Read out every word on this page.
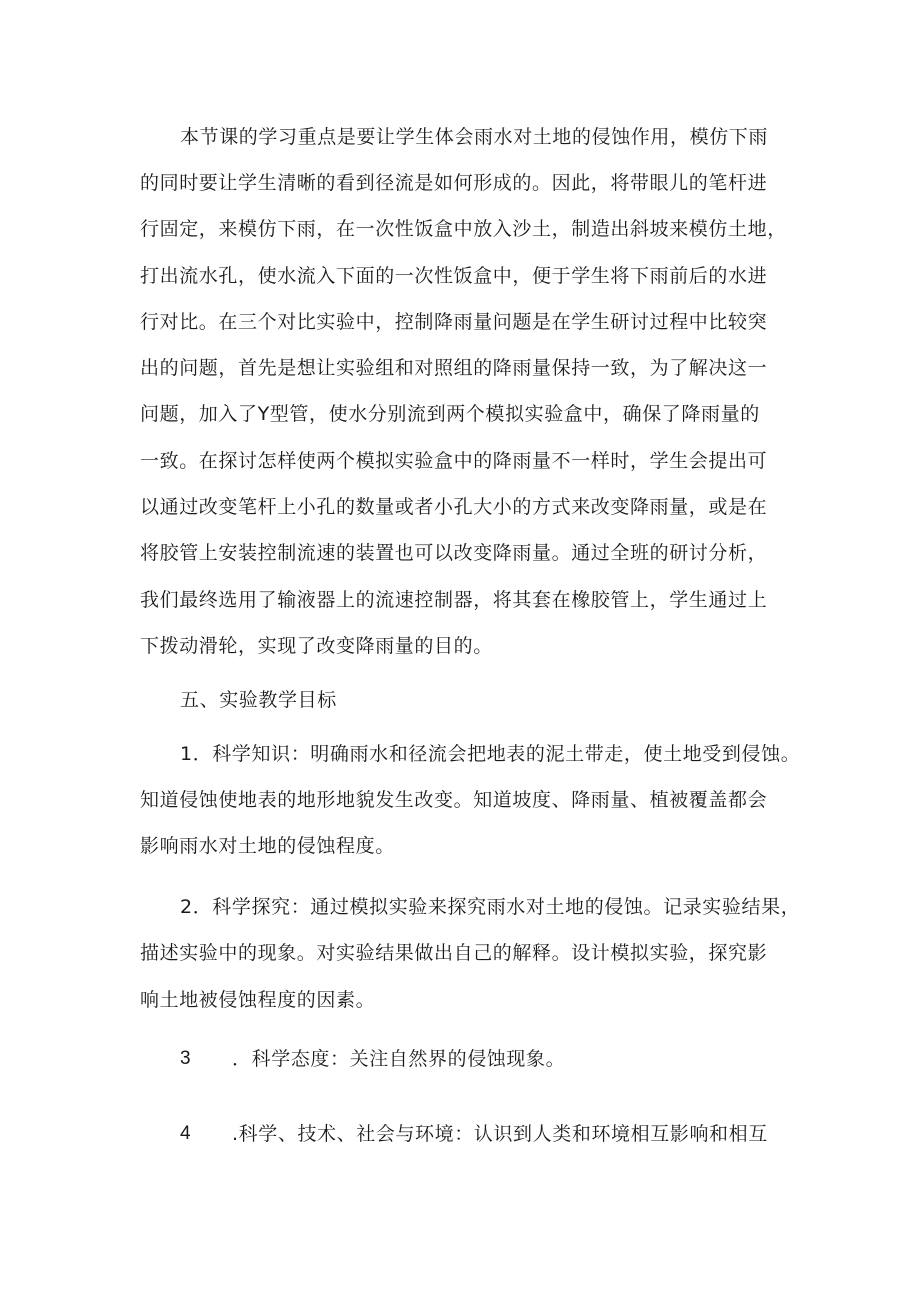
本节课的学习重点是要让学生体会雨水对土地的侵蚀作用，模仿下雨
的同时要让学生清晰的看到径流是如何形成的。因此，将带眼儿的笔杆进
行固定，来模仿下雨，在一次性饭盒中放入沙土，制造出斜坡来模仿土地，
打出流水孔，使水流入下面的一次性饭盒中，便于学生将下雨前后的水进
行对比。在三个对比实验中，控制降雨量问题是在学生研讨过程中比较突
出的问题，首先是想让实验组和对照组的降雨量保持一致，为了解决这一
问题，加入了Y型管，使水分别流到两个模拟实验盒中，确保了降雨量的
一致。在探讨怎样使两个模拟实验盒中的降雨量不一样时，学生会提出可
以通过改变笔杆上小孔的数量或者小孔大小的方式来改变降雨量，或是在
将胶管上安装控制流速的装置也可以改变降雨量。通过全班的研讨分析，
我们最终选用了输液器上的流速控制器，将其套在橡胶管上，学生通过上
下拨动滑轮，实现了改变降雨量的目的。
五、实验教学目标
1．科学知识：明确雨水和径流会把地表的泥土带走，使土地受到侵蚀。
知道侵蚀使地表的地形地貌发生改变。知道坡度、降雨量、植被覆盖都会
影响雨水对土地的侵蚀程度。
2．科学探究：通过模拟实验来探究雨水对土地的侵蚀。记录实验结果，
描述实验中的现象。对实验结果做出自己的解释。设计模拟实验，探究影
响土地被侵蚀程度的因素。
3 ．科学态度：关注自然界的侵蚀现象。
4 .科学、技术、社会与环境：认识到人类和环境相互影响和相互
